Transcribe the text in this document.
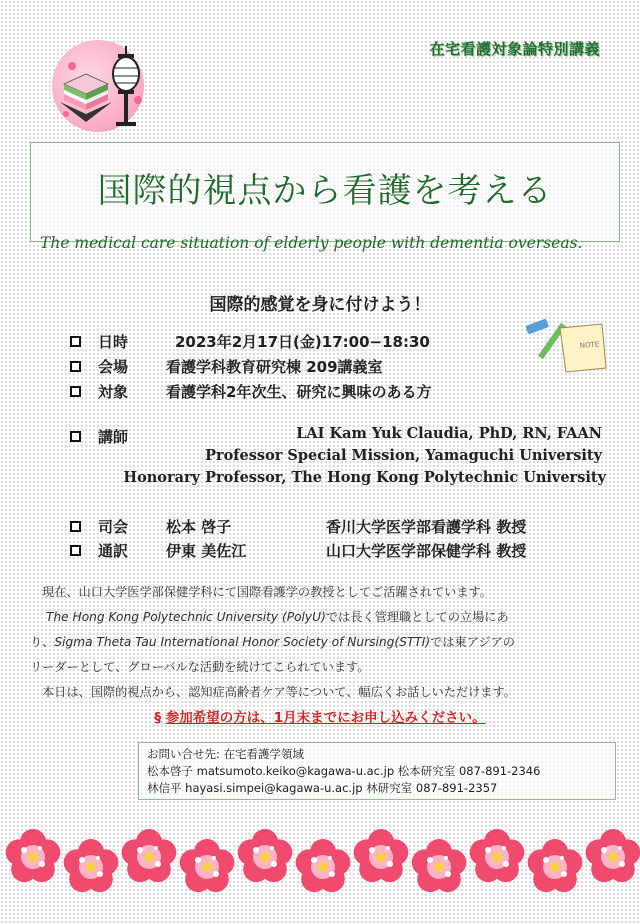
在宅看護対象論特別講義
国際的視点から看護を考える
The medical care situation of elderly people with dementia overseas.
国際的感覚を身に付けよう！
NOTE
日時	2023年2月17日(金)17:00−18:30
会場	看護学科教育研究棟 209講義室
対象	看護学科2年次生、研究に興味のある方
講師	LAI Kam Yuk Claudia, PhD, RN, FAAN
Professor Special Mission, Yamaguchi University
Honorary Professor, The Hong Kong Polytechnic University
司会	松本 啓子	香川大学医学部看護学科 教授
通訳	伊東 美佐江	山口大学医学部保健学科 教授
現在、山口大学医学部保健学科にて国際看護学の教授としてご活躍されています。
The Hong Kong Polytechnic University (PolyU)では長く管理職としての立場にあ
り、Sigma Theta Tau International Honor Society of Nursing(STTI)では東アジアの
リーダーとして、グローバルな活動を続けてこられています。
本日は、国際的視点から、認知症高齢者ケア等について、幅広くお話しいただけます。
§ 参加希望の方は、1月末までにお申し込みください。
お問い合せ先: 在宅看護学領域
松本啓子 matsumoto.keiko@kagawa-u.ac.jp 松本研究室 087-891-2346
林信平 hayasi.simpei@kagawa-u.ac.jp 林研究室 087-891-2357
